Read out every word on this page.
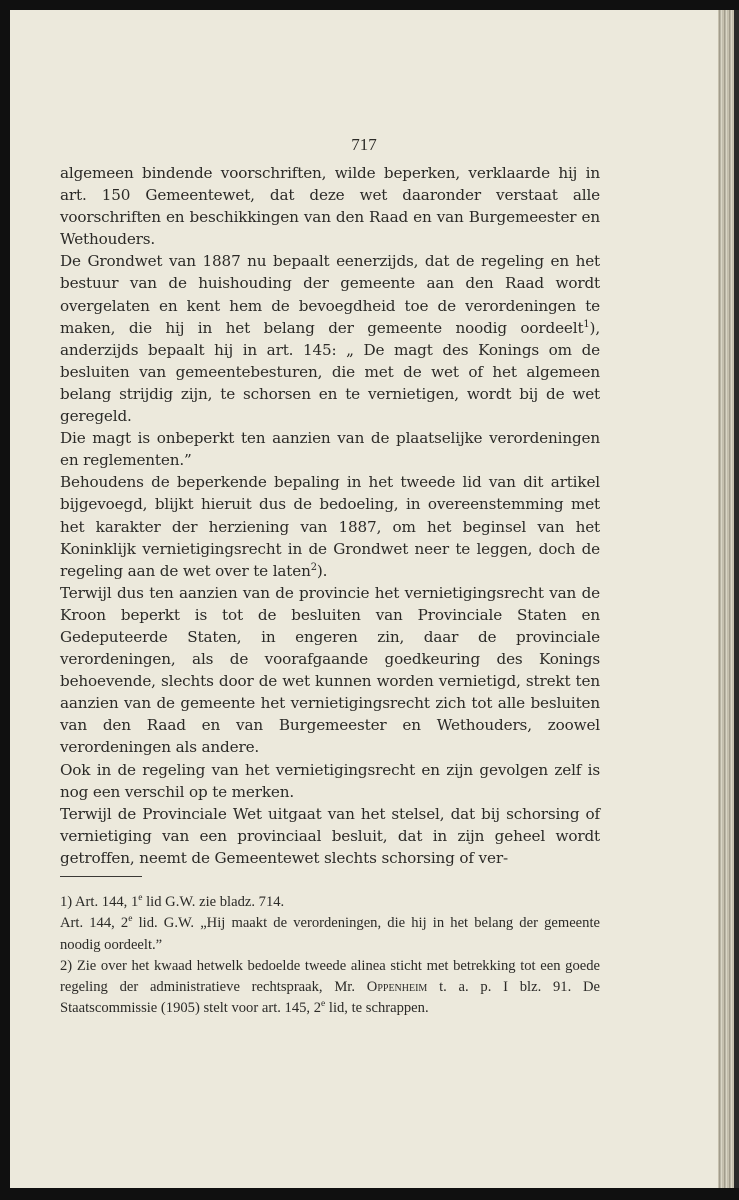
717

algemeen bindende voorschriften, wilde beperken, verklaarde hij in art. 150 Gemeentewet, dat deze wet daaronder verstaat alle voorschriften en beschikkingen van den Raad en van Burgemeester en Wethouders.

De Grondwet van 1887 nu bepaalt eenerzijds, dat de regeling en het bestuur van de huishouding der gemeente aan den Raad wordt overgelaten en kent hem de bevoegdheid toe de verordeningen te maken, die hij in het belang der gemeente noodig oordeelt$^1$), anderzijds bepaalt hij in art. 145: „ De magt des Konings om de besluiten van gemeentebesturen, die met de wet of het algemeen belang strijdig zijn, te schorsen en te vernietigen, wordt bij de wet geregeld.

Die magt is onbeperkt ten aanzien van de plaatselijke verordeningen en reglementen.”

Behoudens de beperkende bepaling in het tweede lid van dit artikel bijgevoegd, blijkt hieruit dus de bedoeling, in overeenstemming met het karakter der herziening van 1887, om het beginsel van het Koninklijk vernietigingsrecht in de Grondwet neer te leggen, doch de regeling aan de wet over te laten$^2$).

Terwijl dus ten aanzien van de provincie het vernietigingsrecht van de Kroon beperkt is tot de besluiten van Provinciale Staten en Gedeputeerde Staten, in engeren zin, daar de provinciale verordeningen, als de voorafgaande goedkeuring des Konings behoevende, slechts door de wet kunnen worden vernietigd, strekt ten aanzien van de gemeente het vernietigingsrecht zich tot alle besluiten van den Raad en van Burgemeester en Wethouders, zoowel verordeningen als andere.

Ook in de regeling van het vernietigingsrecht en zijn gevolgen zelf is nog een verschil op te merken.

Terwijl de Provinciale Wet uitgaat van het stelsel, dat bij schorsing of vernietiging van een provinciaal besluit, dat in zijn geheel wordt getroffen, neemt de Gemeentewet slechts schorsing of ver-

1) Art. 144, 1e lid G.W. zie bladz. 714.

Art. 144, 2e lid. G.W. „Hij maakt de verordeningen, die hij in het belang der gemeente noodig oordeelt.”

2) Zie over het kwaad hetwelk bedoelde tweede alinea sticht met betrekking tot een goede regeling der administratieve rechtspraak, Mr. Oppenheim t. a. p. I blz. 91. De Staatscommissie (1905) stelt voor art. 145, 2e lid, te schrappen.
